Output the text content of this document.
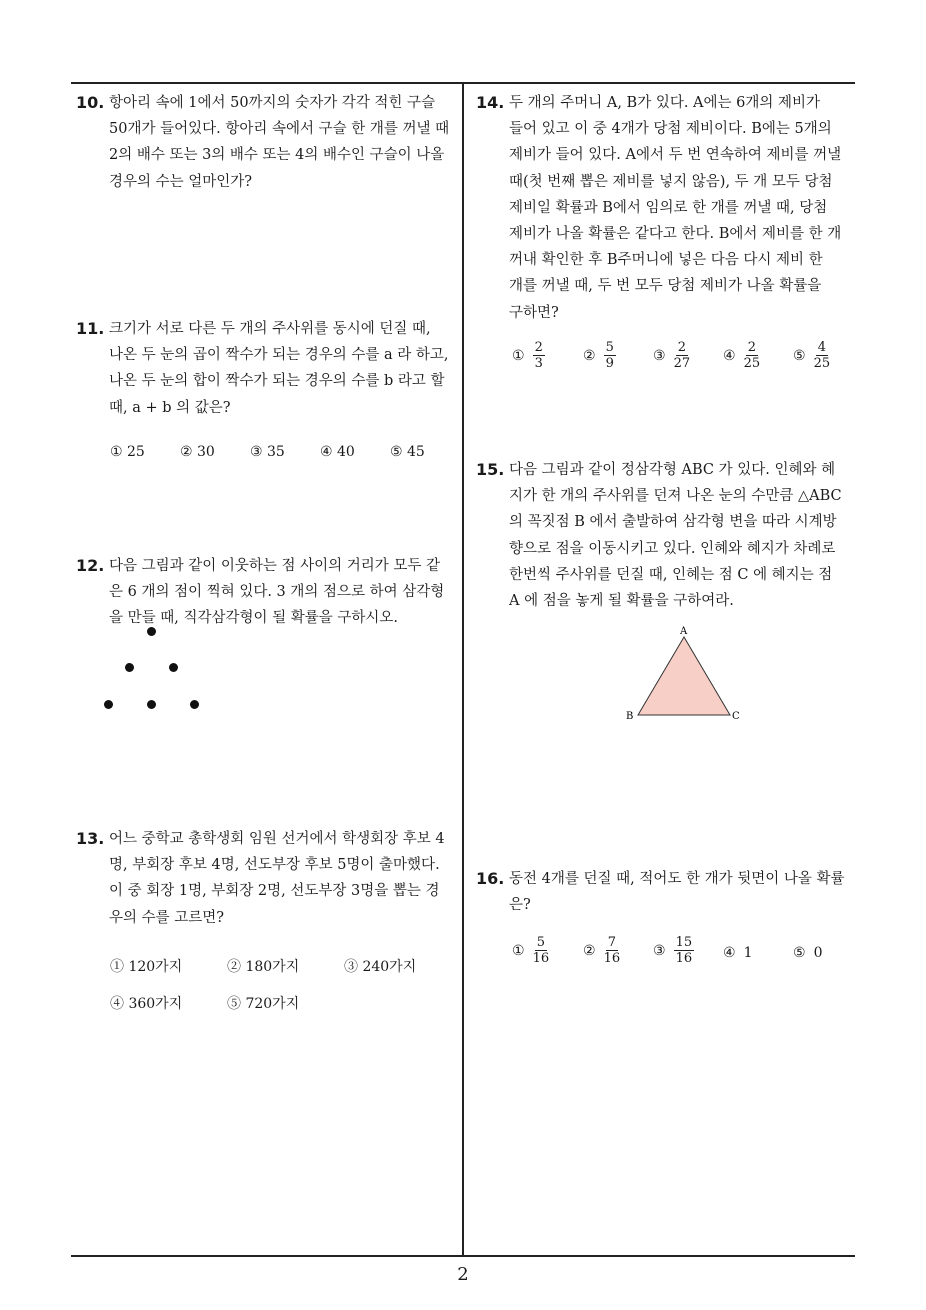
10. 항아리 속에 1에서 50까지의 숫자가 각각 적힌 구슬
50개가 들어있다. 항아리 속에서 구슬 한 개를 꺼낼 때
2의 배수 또는 3의 배수 또는 4의 배수인 구슬이 나올
경우의 수는 얼마인가?
11. 크기가 서로 다른 두 개의 주사위를 동시에 던질 때,
나온 두 눈의 곱이 짝수가 되는 경우의 수를 a 라 하고,
나온 두 눈의 합이 짝수가 되는 경우의 수를 b 라고 할
때, a + b 의 값은?
① 25	② 30	③ 35	④ 40	⑤ 45
12. 다음 그림과 같이 이웃하는 점 사이의 거리가 모두 같
은 6 개의 점이 찍혀 있다. 3 개의 점으로 하여 삼각형
을 만들 때, 직각삼각형이 될 확률을 구하시오.
13. 어느 중학교 총학생회 임원 선거에서 학생회장 후보 4
명, 부회장 후보 4명, 선도부장 후보 5명이 출마했다.
이 중 회장 1명, 부회장 2명, 선도부장 3명을 뽑는 경
우의 수를 고르면?
① 120가지	② 180가지	③ 240가지
④ 360가지	⑤ 720가지
14. 두 개의 주머니 A, B가 있다. A에는 6개의 제비가
들어 있고 이 중 4개가 당첨 제비이다. B에는 5개의
제비가 들어 있다. A에서 두 번 연속하여 제비를 꺼낼
때(첫 번째 뽑은 제비를 넣지 않음), 두 개 모두 당첨
제비일 확률과 B에서 임의로 한 개를 꺼낼 때, 당첨
제비가 나올 확률은 같다고 한다. B에서 제비를 한 개
꺼내 확인한 후 B주머니에 넣은 다음 다시 제비 한
개를 꺼낼 때, 두 번 모두 당첨 제비가 나올 확률을
구하면?
① $\frac{2}{3}$	② $\frac{5}{9}$	③ $\frac{2}{27}$ ④ $\frac{2}{25}$ ⑤ $\frac{4}{25}$
15. 다음 그림과 같이 정삼각형 ABC 가 있다. 인혜와 혜
지가 한 개의 주사위를 던져 나온 눈의 수만큼 △ABC
의 꼭짓점 B 에서 출발하여 삼각형 변을 따라 시계방
향으로 점을 이동시키고 있다. 인혜와 혜지가 차례로
한번씩 주사위를 던질 때, 인혜는 점 C 에 혜지는 점
A 에 점을 놓게 될 확률을 구하여라.
A
B	C
16. 동전 4개를 던질 때, 적어도 한 개가 뒷면이 나올 확률
은?
① $\frac{5}{16}$ ② $\frac{7}{16}$ ③ $\frac{15}{16}$ ④ 1	⑤ 0
2
